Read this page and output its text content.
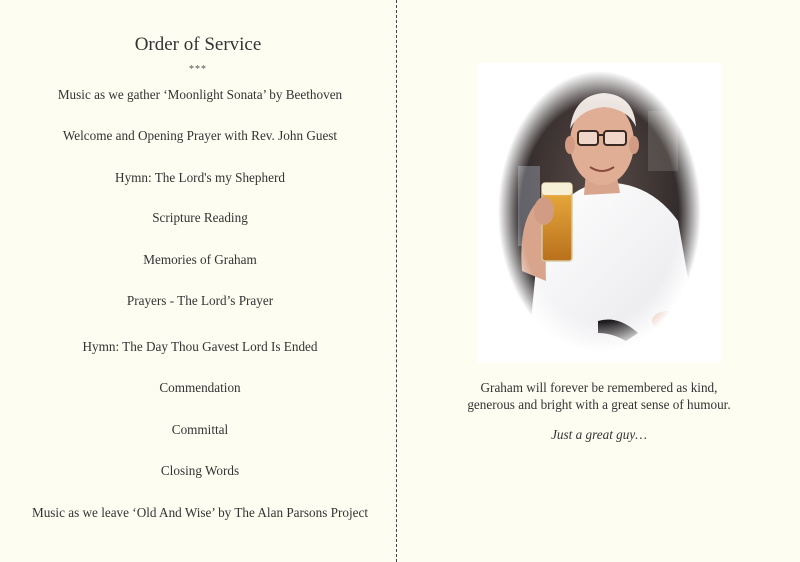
Order of Service
***
Music as we gather ‘Moonlight Sonata’ by Beethoven
Welcome and Opening Prayer with Rev. John Guest
Hymn: The Lord's my Shepherd
Scripture Reading
Memories of Graham
Prayers - The Lord’s Prayer
Hymn: The Day Thou Gavest Lord Is Ended
Commendation
Committal
Closing Words
Music as we leave ‘Old And Wise’ by The Alan Parsons Project
Graham will forever be remembered as kind,
generous and bright with a great sense of humour.
Just a great guy…
